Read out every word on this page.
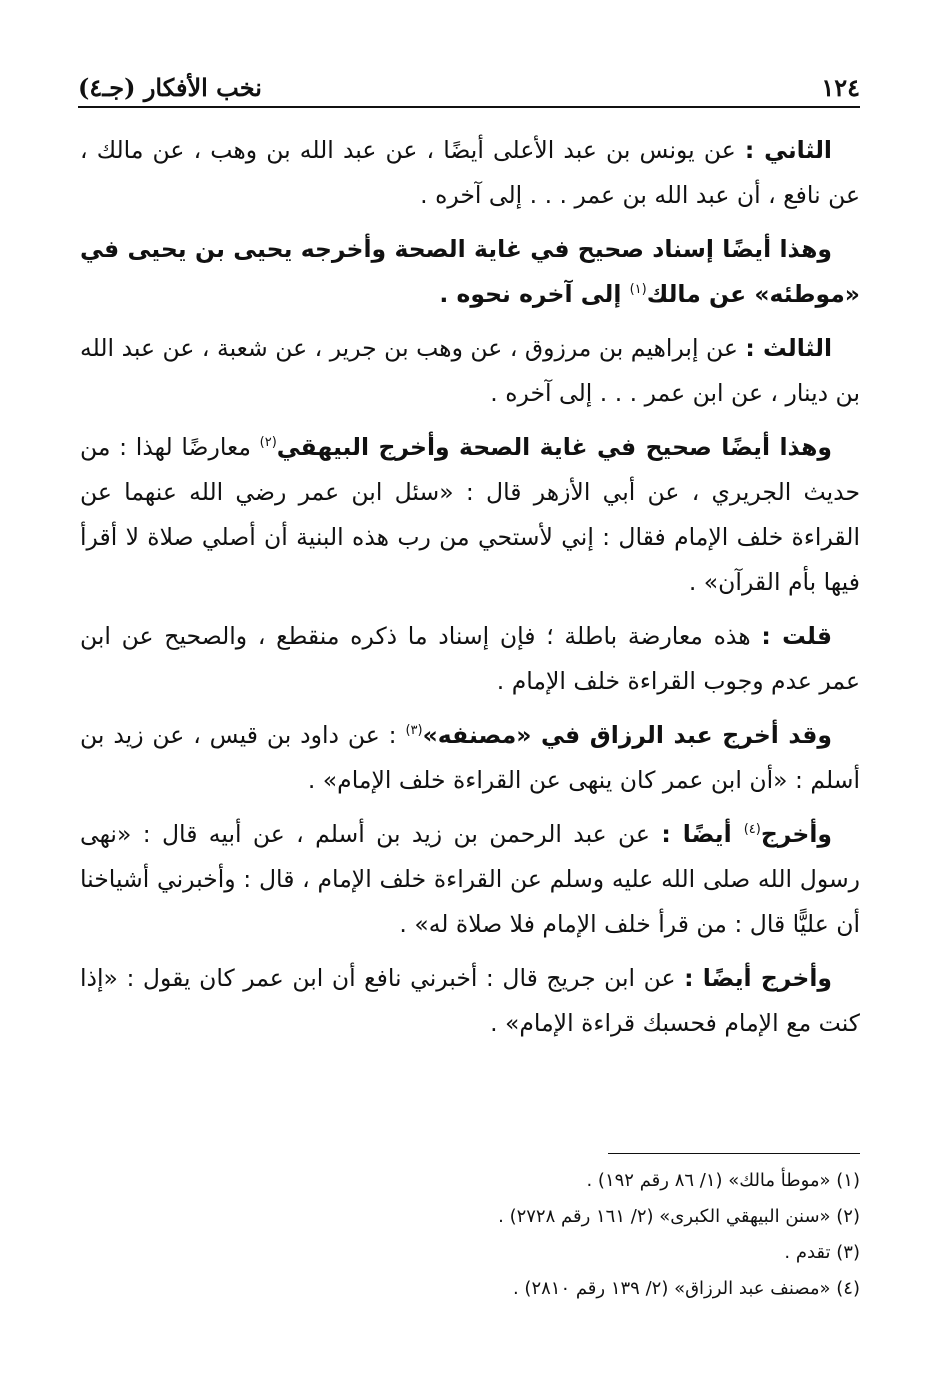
١٢٤
نخب الأفكار (جـ٤)

الثاني : عن يونس بن عبد الأعلى أيضًا ، عن عبد الله بن وهب ، عن مالك ، عن نافع ، أن عبد الله بن عمر . . . إلى آخره .

وهذا أيضًا إسناد صحيح في غاية الصحة وأخرجه يحيى بن يحيى في «موطئه» عن مالك$^{(١)}$ إلى آخره نحوه .

الثالث : عن إبراهيم بن مرزوق ، عن وهب بن جرير ، عن شعبة ، عن عبد الله بن دينار ، عن ابن عمر . . . إلى آخره .

وهذا أيضًا صحيح في غاية الصحة وأخرج البيهقي$^{(٢)}$ معارضًا لهذا : من حديث الجريري ، عن أبي الأزهر قال : «سئل ابن عمر رضي الله عنهما عن القراءة خلف الإمام فقال : إني لأستحي من رب هذه البنية أن أصلي صلاة لا أقرأ فيها بأم القرآن» .

قلت : هذه معارضة باطلة ؛ فإن إسناد ما ذكره منقطع ، والصحيح عن ابن عمر عدم وجوب القراءة خلف الإمام .

وقد أخرج عبد الرزاق في «مصنفه»$^{(٣)}$ : عن داود بن قيس ، عن زيد بن أسلم : «أن ابن عمر كان ينهى عن القراءة خلف الإمام» .

وأخرج$^{(٤)}$ أيضًا : عن عبد الرحمن بن زيد بن أسلم ، عن أبيه قال : «نهى رسول الله صلى الله عليه وسلم عن القراءة خلف الإمام ، قال : وأخبرني أشياخنا أن عليًّا قال : من قرأ خلف الإمام فلا صلاة له» .

وأخرج أيضًا : عن ابن جريج قال : أخبرني نافع أن ابن عمر كان يقول : «إذا كنت مع الإمام فحسبك قراءة الإمام» .

(١) «موطأ مالك» (١/ ٨٦ رقم ١٩٢) .

(٢) «سنن البيهقي الكبرى» (٢/ ١٦١ رقم ٢٧٢٨) .

(٣) تقدم .

(٤) «مصنف عبد الرزاق» (٢/ ١٣٩ رقم ٢٨١٠) .
